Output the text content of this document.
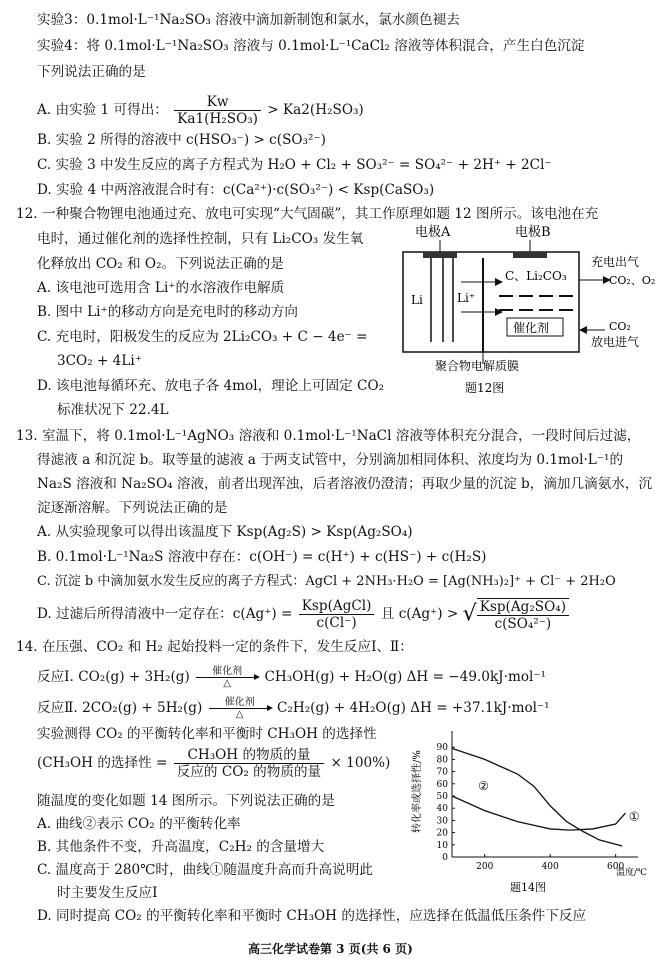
实验3：0.1mol·L⁻¹Na₂SO₃ 溶液中滴加新制饱和氯水，氯水颜色褪去
实验4：将 0.1mol·L⁻¹Na₂SO₃ 溶液与 0.1mol·L⁻¹CaCl₂ 溶液等体积混合，产生白色沉淀
下列说法正确的是
A. 由实验 1 可得出： $\frac{Kw}{\text{Ka1(H₂SO₃)}} > Ka2(H_2SO_3)$
B. 实验 2 所得的溶液中 c(HSO₃⁻) > c(SO₃²⁻)
C. 实验 3 中发生反应的离子方程式为 H₂O + Cl₂ + SO₃²⁻ = SO₄²⁻ + 2H⁺ + 2Cl⁻
D. 实验 4 中两溶液混合时有：c(Ca²⁺)·c(SO₃²⁻) < Ksp(CaSO₃)
12. 一种聚合物锂电池通过充、放电可实现“大气固碳”，其工作原理如题 12 图所示。该电池在充
电时，通过催化剂的选择性控制，只有 Li₂CO₃ 发生氧
化释放出 CO₂ 和 O₂。下列说法正确的是
A. 该电池可选用含 Li⁺的水溶液作电解质
B. 图中 Li⁺的移动方向是充电时的移动方向
C. 充电时，阳极发生的反应为 2Li₂CO₃ + C − 4e⁻ =
3CO₂ + 4Li⁺
D. 该电池每循环充、放电子各 4mol，理论上可固定 CO₂
标准状况下 22.4L
电极A	电极B
Li	Li⁺
C、Li₂CO₃
催化剂
充电出气
CO₂、O₂
CO₂
放电进气
聚合物电解质膜
题12图
13. 室温下，将 0.1mol·L⁻¹AgNO₃ 溶液和 0.1mol·L⁻¹NaCl 溶液等体积充分混合，一段时间后过滤，
得滤液 a 和沉淀 b。取等量的滤液 a 于两支试管中，分别滴加相同体积、浓度均为 0.1mol·L⁻¹的
Na₂S 溶液和 Na₂SO₄ 溶液，前者出现浑浊，后者溶液仍澄清；再取少量的沉淀 b，滴加几滴氨水，沉
淀逐渐溶解。下列说法正确的是
A. 从实验现象可以得出该温度下 Ksp(Ag₂S) > Ksp(Ag₂SO₄)
B. 0.1mol·L⁻¹Na₂S 溶液中存在：c(OH⁻) = c(H⁺) + c(HS⁻) + c(H₂S)
C. 沉淀 b 中滴加氨水发生反应的离子方程式：AgCl + 2NH₃·H₂O = [Ag(NH₃)₂]⁺ + Cl⁻ + 2H₂O
D. 过滤后所得清液中一定存在：$c(Ag^+) = \frac{\text{Ksp(AgCl)}}{c(Cl^-)}$ 且 c(Ag⁺) > √ $\frac{\text{Ksp(Ag₂SO₄)}}{\text{c(SO₄²⁻)}}$
14. 在压强、CO₂ 和 H₂ 起始投料一定的条件下，发生反应Ⅰ、Ⅱ：
反应Ⅰ. CO₂(g) + 3H₂(g)	催化剂
△	CH₃OH(g) + H₂O(g) ΔH = −49.0kJ·mol⁻¹
反应Ⅱ. 2CO₂(g) + 5H₂(g)	催化剂
△	C₂H₂(g) + 4H₂O(g) ΔH = +37.1kJ·mol⁻¹
实验测得 CO₂ 的平衡转化率和平衡时 CH₃OH 的选择性
(CH₃OH 的选择性 = $\frac{\text{CH₃OH 的物质的量}}{\text{反应的 CO₂ 的物质的量}} \times 100\%$)
随温度的变化如题 14 图所示。下列说法正确的是
A. 曲线②表示 CO₂ 的平衡转化率
B. 其他条件不变，升高温度，C₂H₂ 的含量增大
C. 温度高于 280℃时，曲线①随温度升高而升高说明此
时主要发生反应Ⅰ
D. 同时提高 CO₂ 的平衡转化率和平衡时 CH₃OH 的选择性，应选择在低温低压条件下反应
转化率或选择性/%
温度/℃
题14图
0
10
20
30
40
50
60
70
80
90
200	400	600
①
②
高三化学试卷第 3 页(共 6 页)
